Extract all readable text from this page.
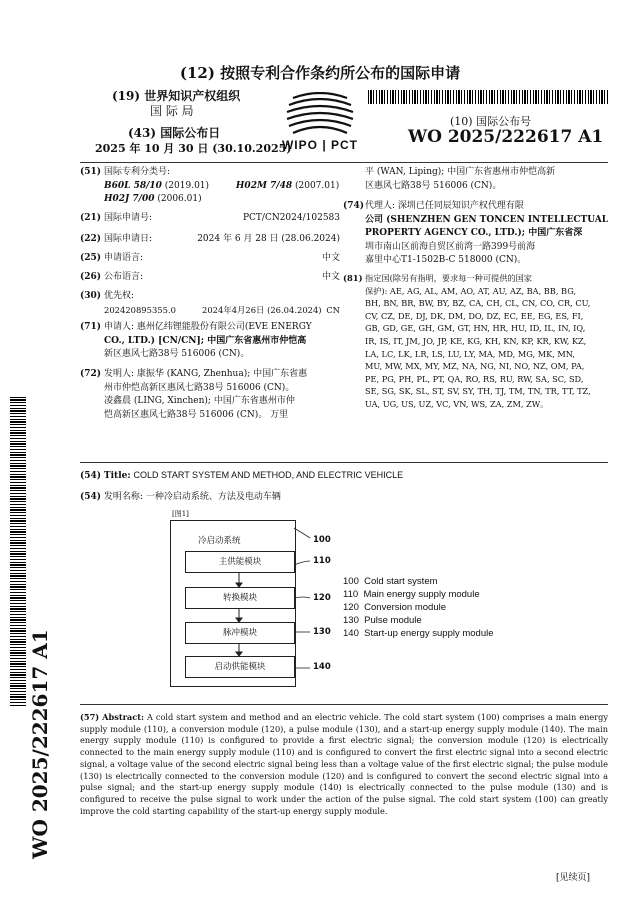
(12) 按照专利合作条约所公布的国际申请
(19) 世界知识产权组织
国 际 局
(43) 国际公布日
2025 年 10 月 30 日 (30.10.2025)
WIPO | PCT
(10) 国际公布号
WO 2025/222617 A1
(51) 国际专利分类号:
B60L 58/10 (2019.01)	H02M 7/48 (2007.01)
H02J 7/00 (2006.01)
(21) 国际申请号:	PCT/CN2024/102583
(22) 国际申请日:	2024 年 6 月 28 日 (28.06.2024)
(25) 申请语言:	中文
(26) 公布语言:	中文
(30) 优先权:
202420895355.0	2024年4月26日 (26.04.2024) CN
(71) 申请人: 惠州亿纬锂能股份有限公司(EVE ENERGY
CO., LTD.) [CN/CN]; 中国广东省惠州市仲恺高
新区惠风七路38号 516006 (CN)。
(72) 发明人: 康振华 (KANG, Zhenhua); 中国广东省惠
州市仲恺高新区惠风七路38号 516006 (CN)。
凌鑫晨 (LING, Xinchen); 中国广东省惠州市仲
恺高新区惠风七路38号 516006 (CN)。 万里
平 (WAN, Liping); 中国广东省惠州市仲恺高新
区惠风七路38号 516006 (CN)。
(74) 代理人: 深圳已任同辰知识产权代理有限
公司 (SHENZHEN GEN TONCEN INTELLECTUAL
PROPERTY AGENCY CO., LTD.); 中国广东省深
圳市南山区前海自贸区前湾一路399号前海
嘉里中心T1-1502B-C 518000 (CN)。
(81) 指定国(除另有指明，要求每一种可提供的国家
保护): AE, AG, AL, AM, AO, AT, AU, AZ, BA, BB, BG,
BH, BN, BR, BW, BY, BZ, CA, CH, CL, CN, CO, CR, CU,
CV, CZ, DE, DJ, DK, DM, DO, DZ, EC, EE, EG, ES, FI,
GB, GD, GE, GH, GM, GT, HN, HR, HU, ID, IL, IN, IQ,
IR, IS, IT, JM, JO, JP, KE, KG, KH, KN, KP, KR, KW, KZ,
LA, LC, LK, LR, LS, LU, LY, MA, MD, MG, MK, MN,
MU, MW, MX, MY, MZ, NA, NG, NI, NO, NZ, OM, PA,
PE, PG, PH, PL, PT, QA, RO, RS, RU, RW, SA, SC, SD,
SE, SG, SK, SL, ST, SV, SY, TH, TJ, TM, TN, TR, TT, TZ,
UA, UG, US, UZ, VC, VN, WS, ZA, ZM, ZW。
(54) Title: COLD START SYSTEM AND METHOD, AND ELECTRIC VEHICLE
(54) 发明名称: 一种冷启动系统、方法及电动车辆
[图1]
冷启动系统
主供能模块
转换模块
脉冲模块
启动供能模块
100
110
120
130
140
100 Cold start system
110 Main energy supply module
120 Conversion module
130 Pulse module
140 Start-up energy supply module
(57) Abstract: A cold start system and method and an electric vehicle. The cold start system (100) comprises a main energy supply module (110), a conversion module (120), a pulse module (130), and a start-up energy supply module (140). The main energy supply module (110) is configured to provide a first electric signal; the conversion module (120) is electrically connected to the main energy supply module (110) and is configured to convert the first electric signal into a second electric signal, a voltage value of the second electric signal being less than a voltage value of the first electric signal; the pulse module (130) is electrically connected to the conversion module (120) and is configured to convert the second electric signal into a pulse signal; and the start-up energy supply module (140) is electrically connected to the pulse module (130) and is configured to receive the pulse signal to work under the action of the pulse signal. The cold start system (100) can greatly improve the cold starting capability of the start-up energy supply module.
WO 2025/222617 A1
[见续页]
